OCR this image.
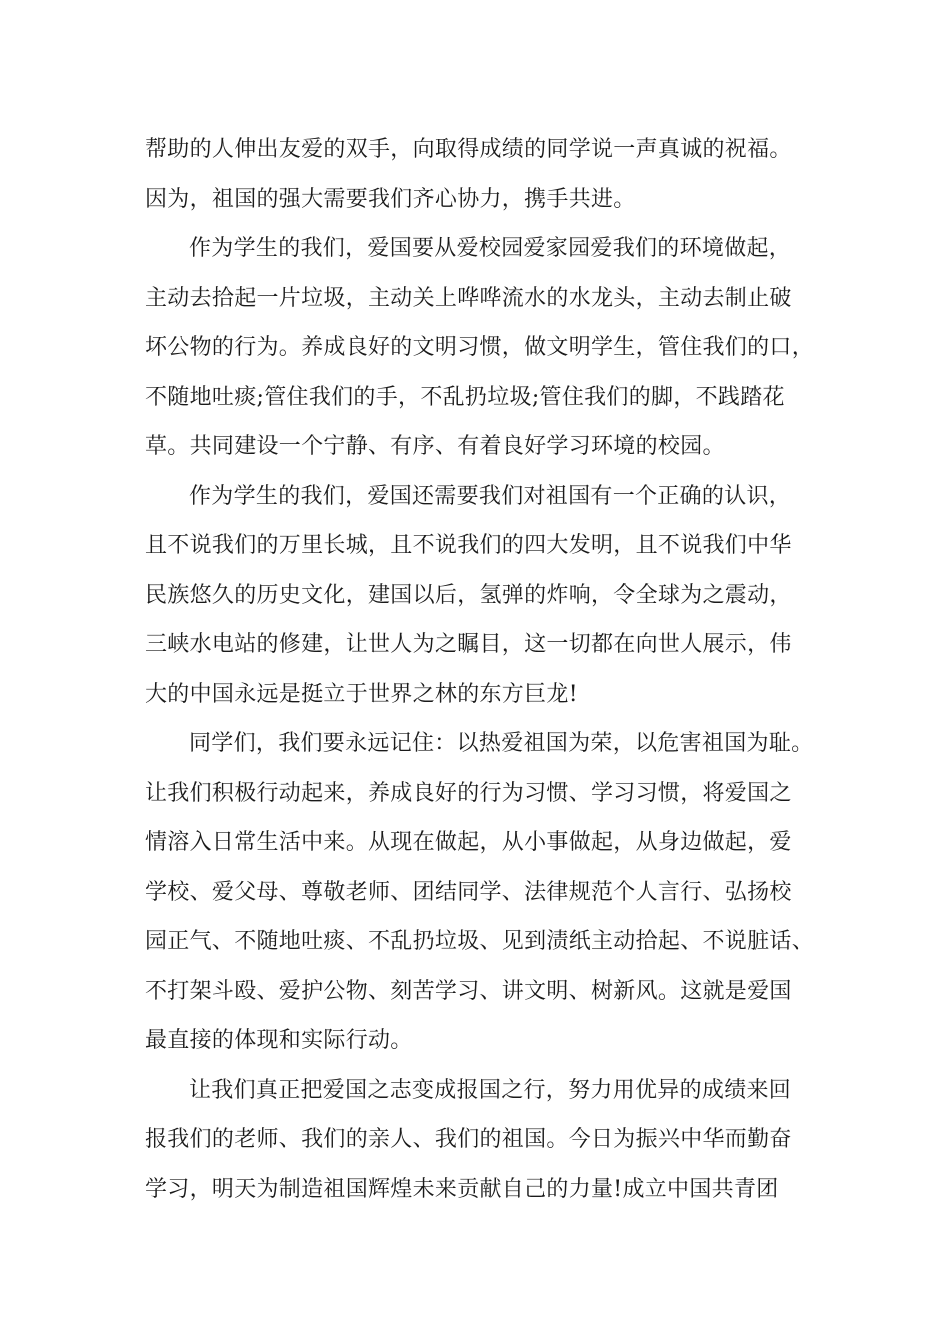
帮助的人伸出友爱的双手，向取得成绩的同学说一声真诚的祝福。
因为，祖国的强大需要我们齐心协力，携手共进。
作为学生的我们，爱国要从爱校园爱家园爱我们的环境做起，
主动去拾起一片垃圾，主动关上哗哗流水的水龙头，主动去制止破
坏公物的行为。养成良好的文明习惯，做文明学生，管住我们的口，
不随地吐痰;管住我们的手，不乱扔垃圾;管住我们的脚，不践踏花
草。共同建设一个宁静、有序、有着良好学习环境的校园。
作为学生的我们，爱国还需要我们对祖国有一个正确的认识，
且不说我们的万里长城，且不说我们的四大发明，且不说我们中华
民族悠久的历史文化，建国以后，氢弹的炸响，令全球为之震动，
三峡水电站的修建，让世人为之瞩目，这一切都在向世人展示，伟
大的中国永远是挺立于世界之林的东方巨龙!
同学们，我们要永远记住：以热爱祖国为荣，以危害祖国为耻。
让我们积极行动起来，养成良好的行为习惯、学习习惯，将爱国之
情溶入日常生活中来。从现在做起，从小事做起，从身边做起，爱
学校、爱父母、尊敬老师、团结同学、法律规范个人言行、弘扬校
园正气、不随地吐痰、不乱扔垃圾、见到渍纸主动拾起、不说脏话、
不打架斗殴、爱护公物、刻苦学习、讲文明、树新风。这就是爱国
最直接的体现和实际行动。
让我们真正把爱国之志变成报国之行，努力用优异的成绩来回
报我们的老师、我们的亲人、我们的祖国。今日为振兴中华而勤奋
学习，明天为制造祖国辉煌未来贡献自己的力量!成立中国共青团
